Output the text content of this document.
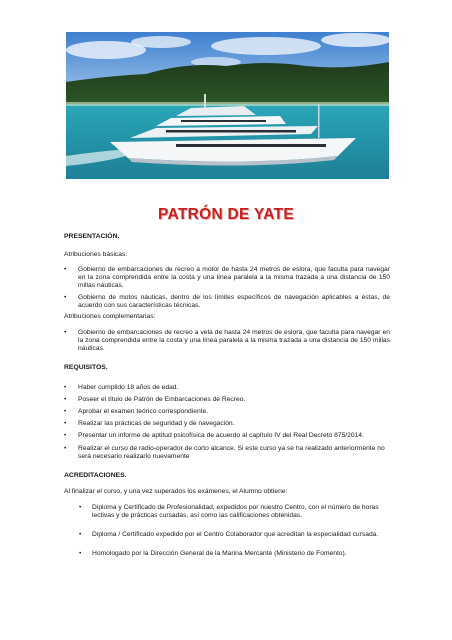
PATRÓN DE YATE
PRESENTACIÓN.
Atribuciones básicas:
• Gobierno de embarcaciones de recreo a motor de hasta 24 metros de eslora, que faculta para navegar en la zona comprendida entre la costa y una línea paralela a la misma trazada a una distancia de 150 millas náuticas.
• Gobierno de motos náuticas, dentro de los límites específicos de navegación aplicables a éstas, de acuerdo con sus características técnicas.
Atribuciones complementarias:
• Gobierno de embarcaciones de recreo a vela de hasta 24 metros de eslora, que faculta para navegar en la zona comprendida entre la costa y una línea paralela a la misma trazada a una distancia de 150 millas náuticas.
REQUISITOS.
• Haber cumplido 18 años de edad.
• Poseer el título de Patrón de Embarcaciones de Recreo.
• Aprobar el examen teórico correspondiente.
• Realizar las prácticas de seguridad y de navegación.
• Presentar un informe de aptitud psicofísica de acuerdo al capítulo IV del Real Decreto 875/2014.
• Realizar el curso de radio-operador de corto alcance. Si este curso ya se ha realizado anteriormente no será necesario realizarlo nuevamente
ACREDITACIONES.
Al finalizar el curso, y una vez superados los exámenes, el Alumno obtiene:
• Diploma y Certificado de Profesionalidad, expedidos por nuestro Centro, con el número de horas lectivas y de prácticas cursadas, así como las calificaciones obtenidas.
• Diploma / Certificado expedido por el Centro Colaborador que acreditan la especialidad cursada.
• Homologado por la Dirección General de la Marina Mercante (Ministerio de Fomento).
